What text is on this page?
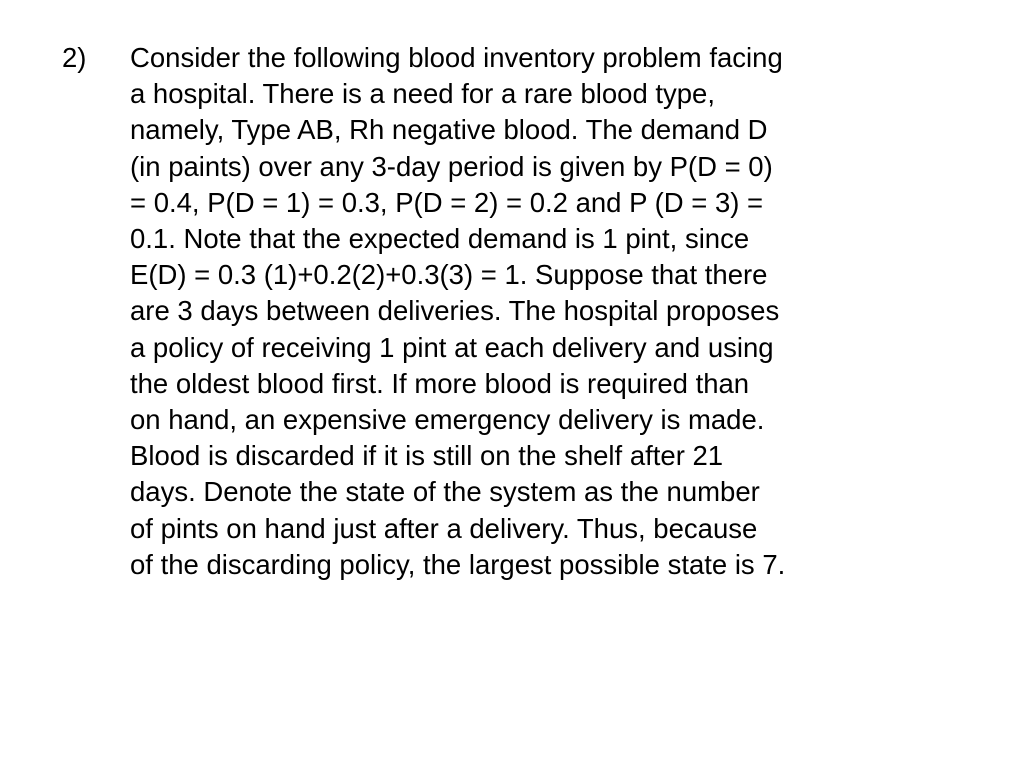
2) Consider the following blood inventory problem facing
a hospital. There is a need for a rare blood type,
namely, Type AB, Rh negative blood. The demand D
(in paints) over any 3-day period is given by P(D = 0)
= 0.4, P(D = 1) = 0.3, P(D = 2) = 0.2 and P (D = 3) =
0.1. Note that the expected demand is 1 pint, since
E(D) = 0.3 (1)+0.2(2)+0.3(3) = 1. Suppose that there
are 3 days between deliveries. The hospital proposes
a policy of receiving 1 pint at each delivery and using
the oldest blood first. If more blood is required than
on hand, an expensive emergency delivery is made.
Blood is discarded if it is still on the shelf after 21
days. Denote the state of the system as the number
of pints on hand just after a delivery. Thus, because
of the discarding policy, the largest possible state is 7.
